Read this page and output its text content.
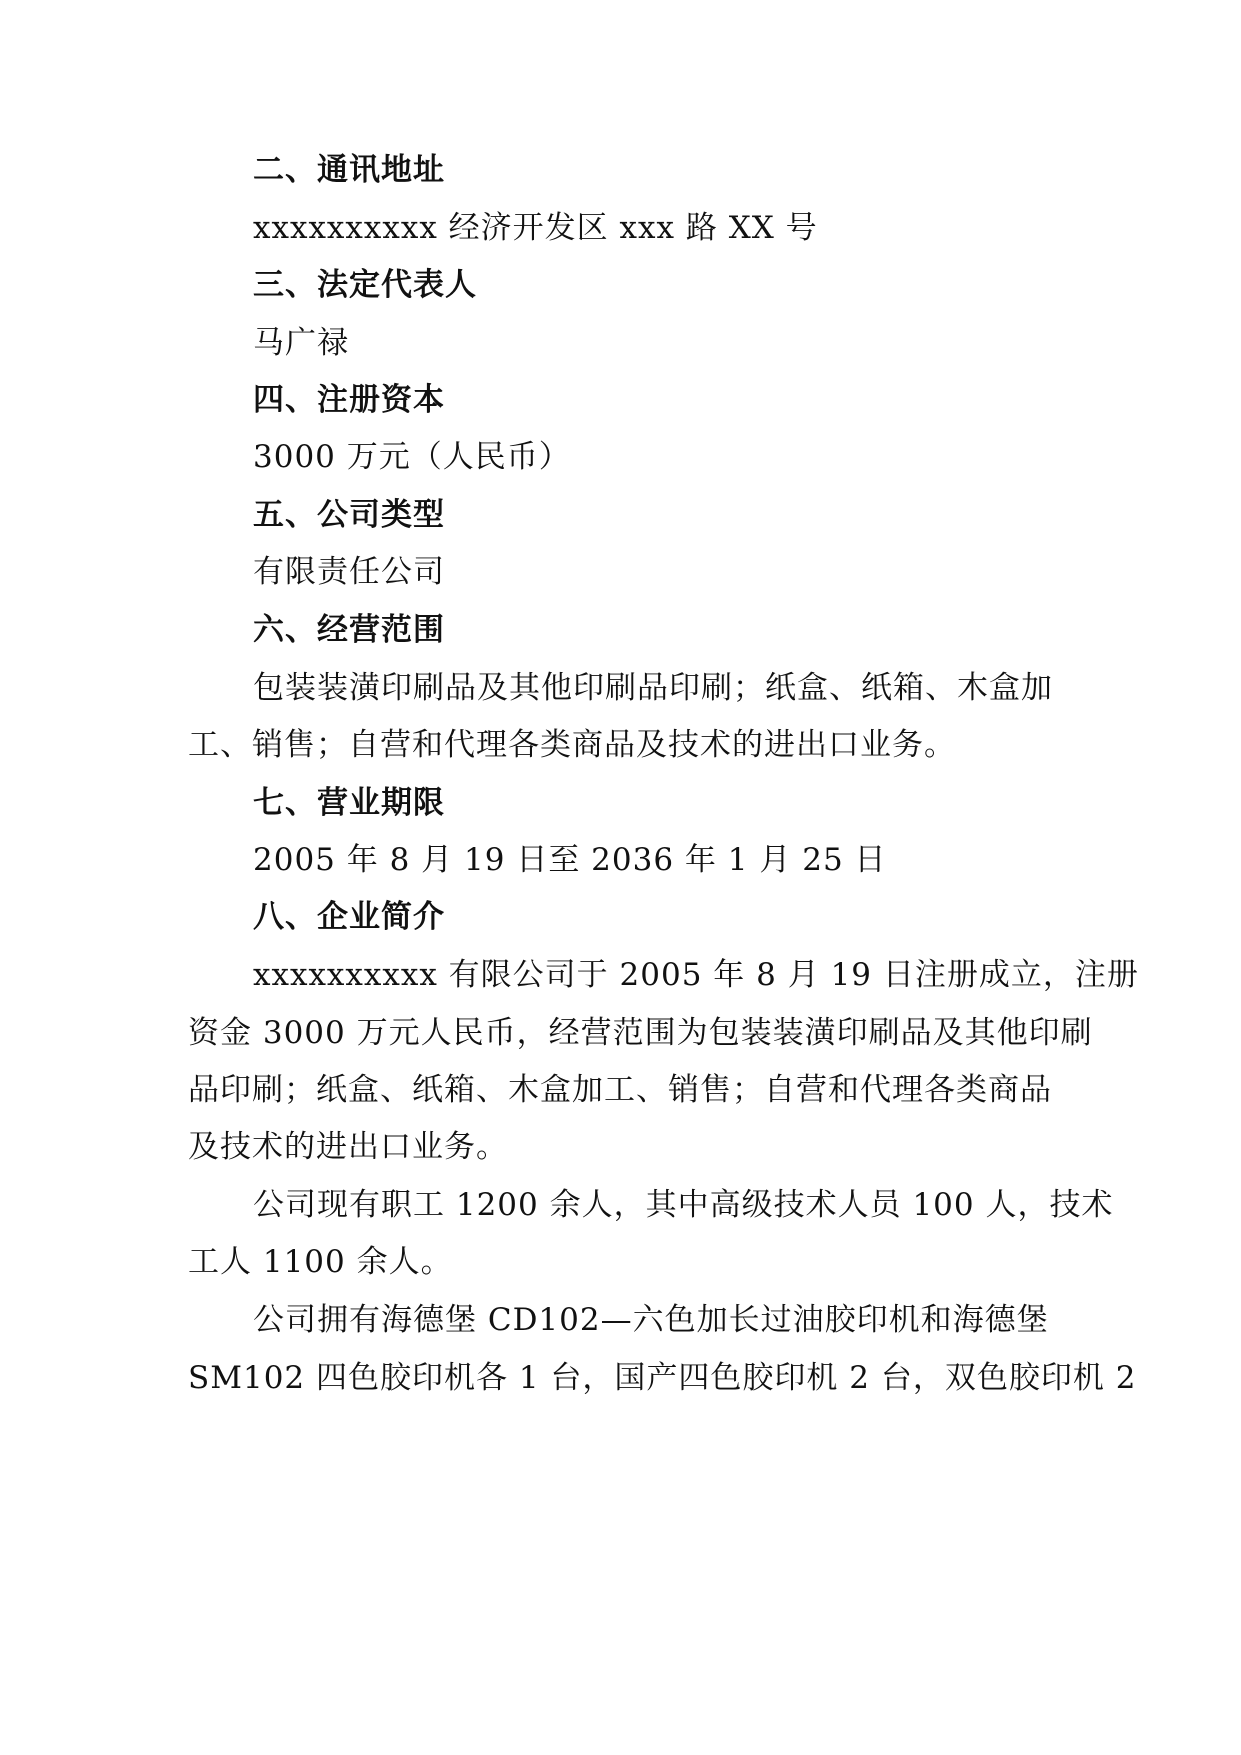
二、通讯地址
xxxxxxxxxx 经济开发区 xxx 路 XX 号
三、法定代表人
马广禄
四、注册资本
3000 万元（人民币）
五、公司类型
有限责任公司
六、经营范围
包装装潢印刷品及其他印刷品印刷；纸盒、纸箱、木盒加
工、销售；自营和代理各类商品及技术的进出口业务。
七、营业期限
2005 年 8 月 19 日至 2036 年 1 月 25 日
八、企业简介
xxxxxxxxxx 有限公司于 2005 年 8 月 19 日注册成立，注册
资金 3000 万元人民币，经营范围为包装装潢印刷品及其他印刷
品印刷；纸盒、纸箱、木盒加工、销售；自营和代理各类商品
及技术的进出口业务。
公司现有职工 1200 余人，其中高级技术人员 100 人，技术
工人 1100 余人。
公司拥有海德堡 CD102—六色加长过油胶印机和海德堡
SM102 四色胶印机各 1 台，国产四色胶印机 2 台，双色胶印机 2
